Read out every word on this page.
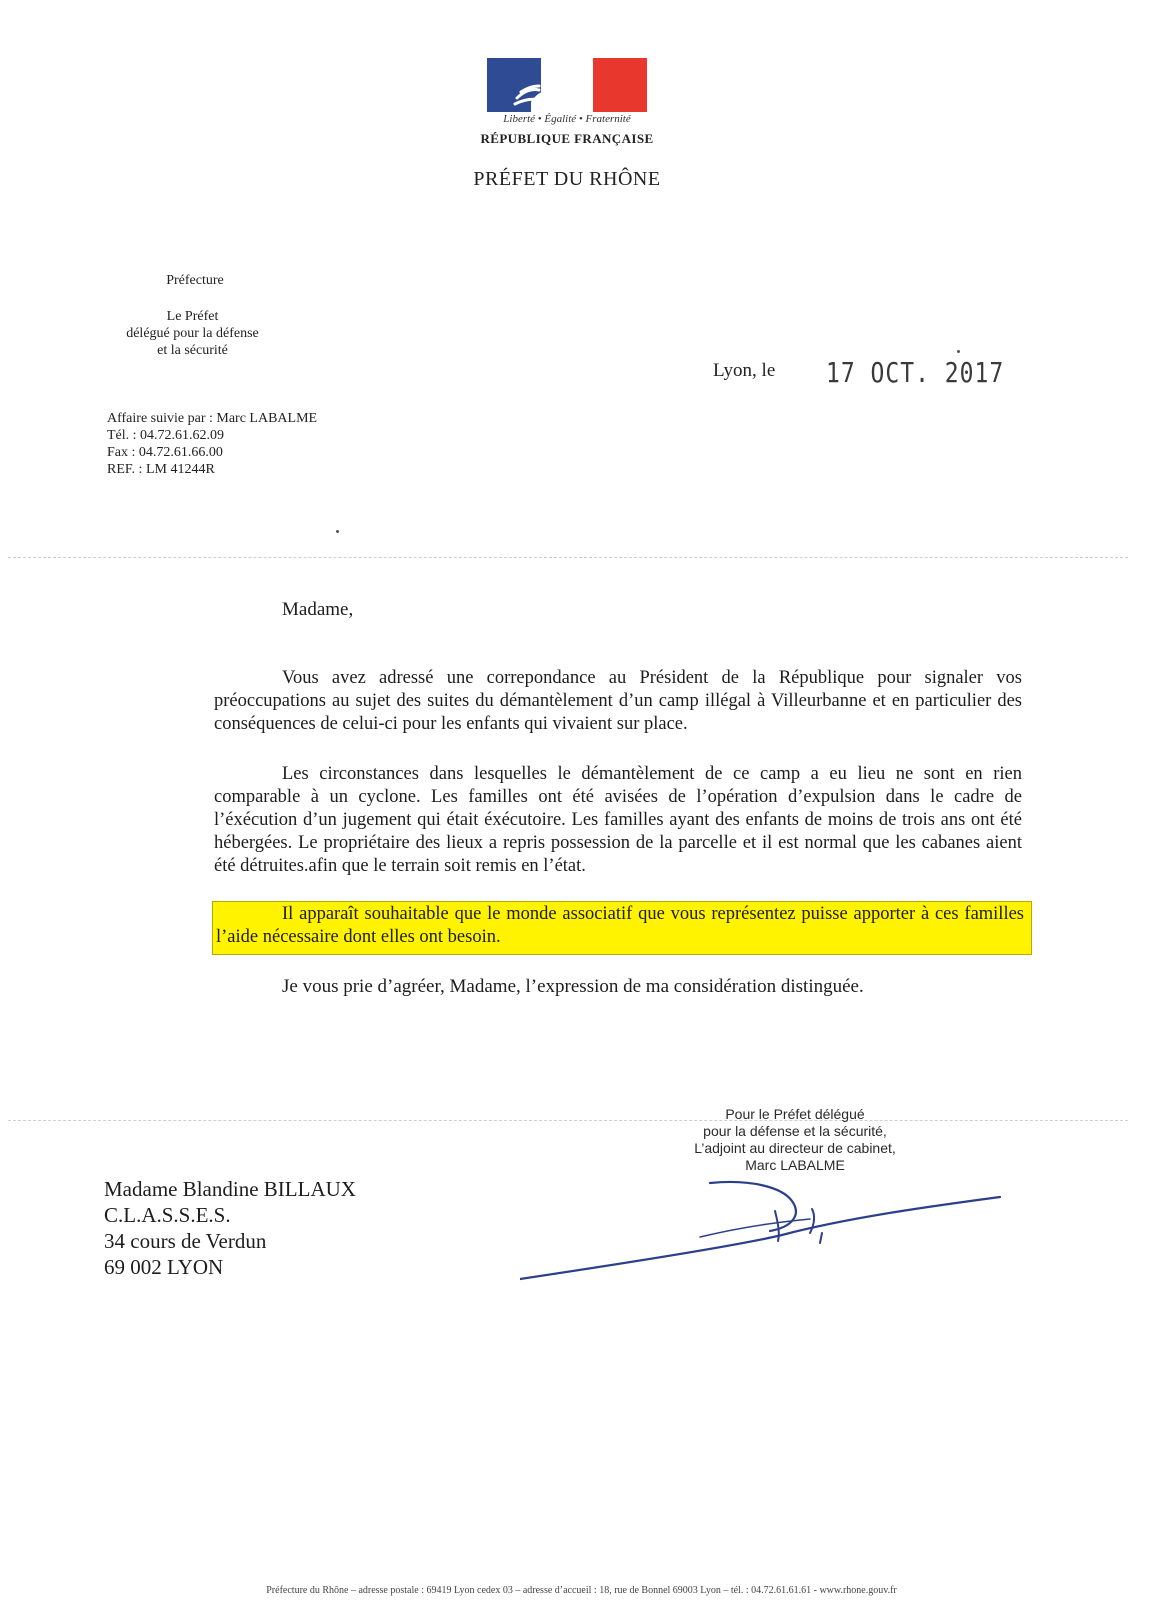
Liberté • Égalité • Fraternité
RÉPUBLIQUE FRANÇAISE
PRÉFET DU RHÔNE
Préfecture
Le Préfet
délégué pour la défense
et la sécurité
Lyon, le 17 OCT. 2017
Affaire suivie par : Marc LABALME
Tél. : 04.72.61.62.09
Fax : 04.72.61.66.00
REF. : LM 41244R
Madame,
Vous avez adressé une correpondance au Président de la République pour signaler vos préoccupations au sujet des suites du démantèlement d’un camp illégal à Villeurbanne et en particulier des conséquences de celui-ci pour les enfants qui vivaient sur place.
Les circonstances dans lesquelles le démantèlement de ce camp a eu lieu ne sont en rien comparable à un cyclone. Les familles ont été avisées de l’opération d’expulsion dans le cadre de l’éxécution d’un jugement qui était éxécutoire. Les familles ayant des enfants de moins de trois ans ont été hébergées. Le propriétaire des lieux a repris possession de la parcelle et il est normal que les cabanes aient été détruites.afin que le terrain soit remis en l’état.
Il apparaît souhaitable que le monde associatif que vous représentez puisse apporter à ces familles l’aide nécessaire dont elles ont besoin.
Je vous prie d’agréer, Madame, l’expression de ma considération distinguée.
Pour le Préfet délégué
pour la défense et la sécurité,
L’adjoint au directeur de cabinet,
Marc LABALME
Madame Blandine BILLAUX
C.L.A.S.S.E.S.
34 cours de Verdun
69 002 LYON
Préfecture du Rhône – adresse postale : 69419 Lyon cedex 03 – adresse d’accueil : 18, rue de Bonnel 69003 Lyon – tél. : 04.72.61.61.61 - www.rhone.gouv.fr
